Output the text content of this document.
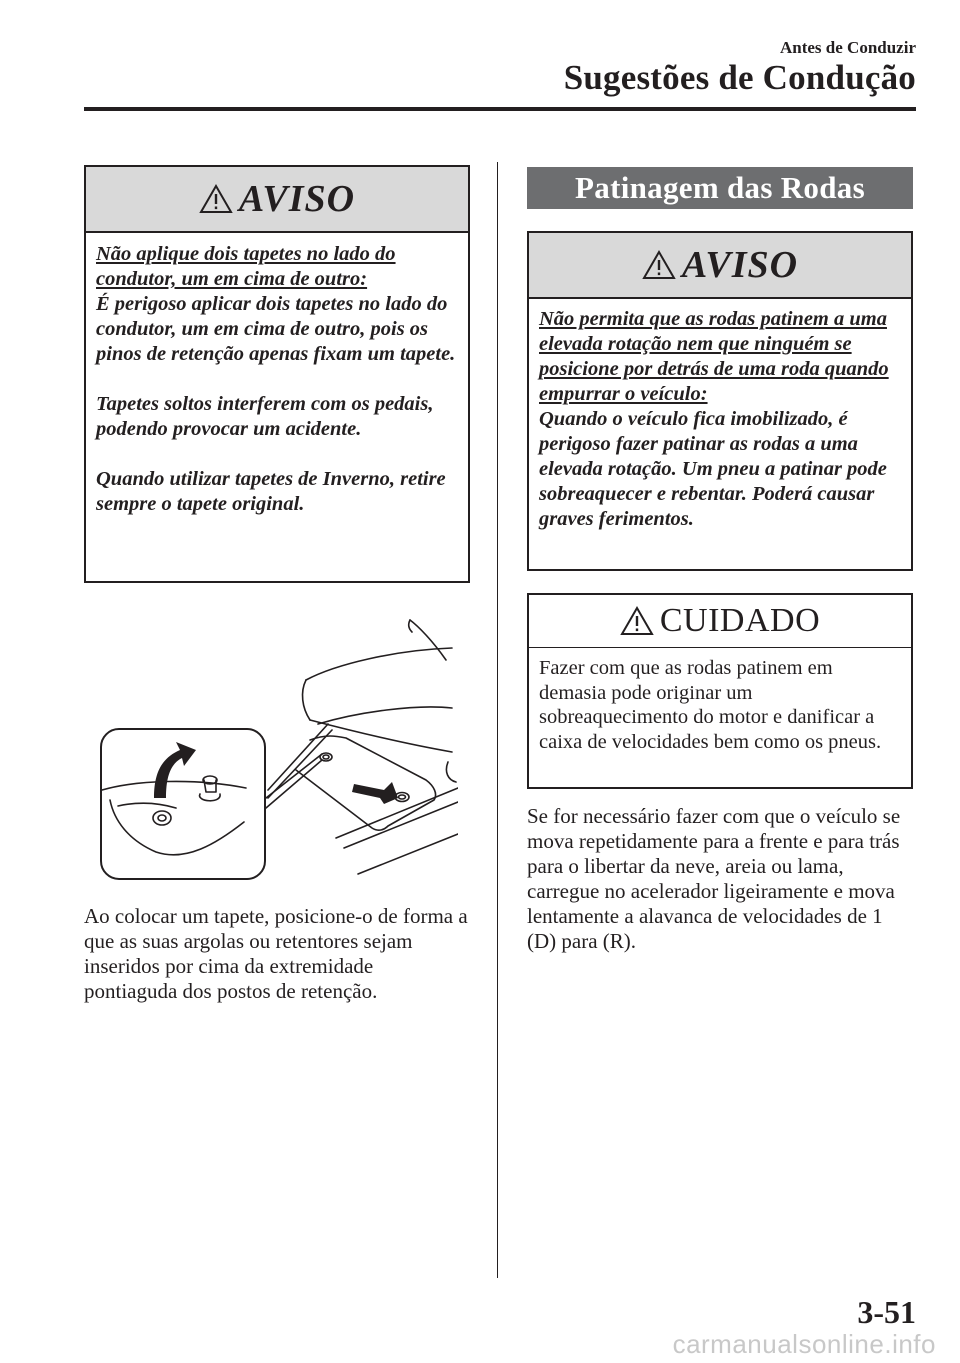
Antes de Conduzir
Sugestões de Condução
AVISO

Não aplique dois tapetes no lado do condutor, um em cima de outro:

É perigoso aplicar dois tapetes no lado do condutor, um em cima de outro, pois os pinos de retenção apenas fixam um tapete.

Tapetes soltos interferem com os pedais, podendo provocar um acidente.

Quando utilizar tapetes de Inverno, retire sempre o tapete original.

Ao colocar um tapete, posicione-o de forma a que as suas argolas ou retentores sejam inseridos por cima da extremidade pontiaguda dos postos de retenção.
Patinagem das Rodas
AVISO
Não permita que as rodas patinem a uma elevada rotação nem que ninguém se posicione por detrás de uma roda quando empurrar o veículo:
Quando o veículo fica imobilizado, é perigoso fazer patinar as rodas a uma elevada rotação. Um pneu a patinar pode sobreaquecer e rebentar. Poderá causar graves ferimentos.
CUIDADO
Fazer com que as rodas patinem em demasia pode originar um sobreaquecimento do motor e danificar a caixa de velocidades bem como os pneus.
Se for necessário fazer com que o veículo se mova repetidamente para a frente e para trás para o libertar da neve, areia ou lama, carregue no acelerador ligeiramente e mova lentamente a alavanca de velocidades de 1 (D) para (R).
3-51
carmanualsonline.info
